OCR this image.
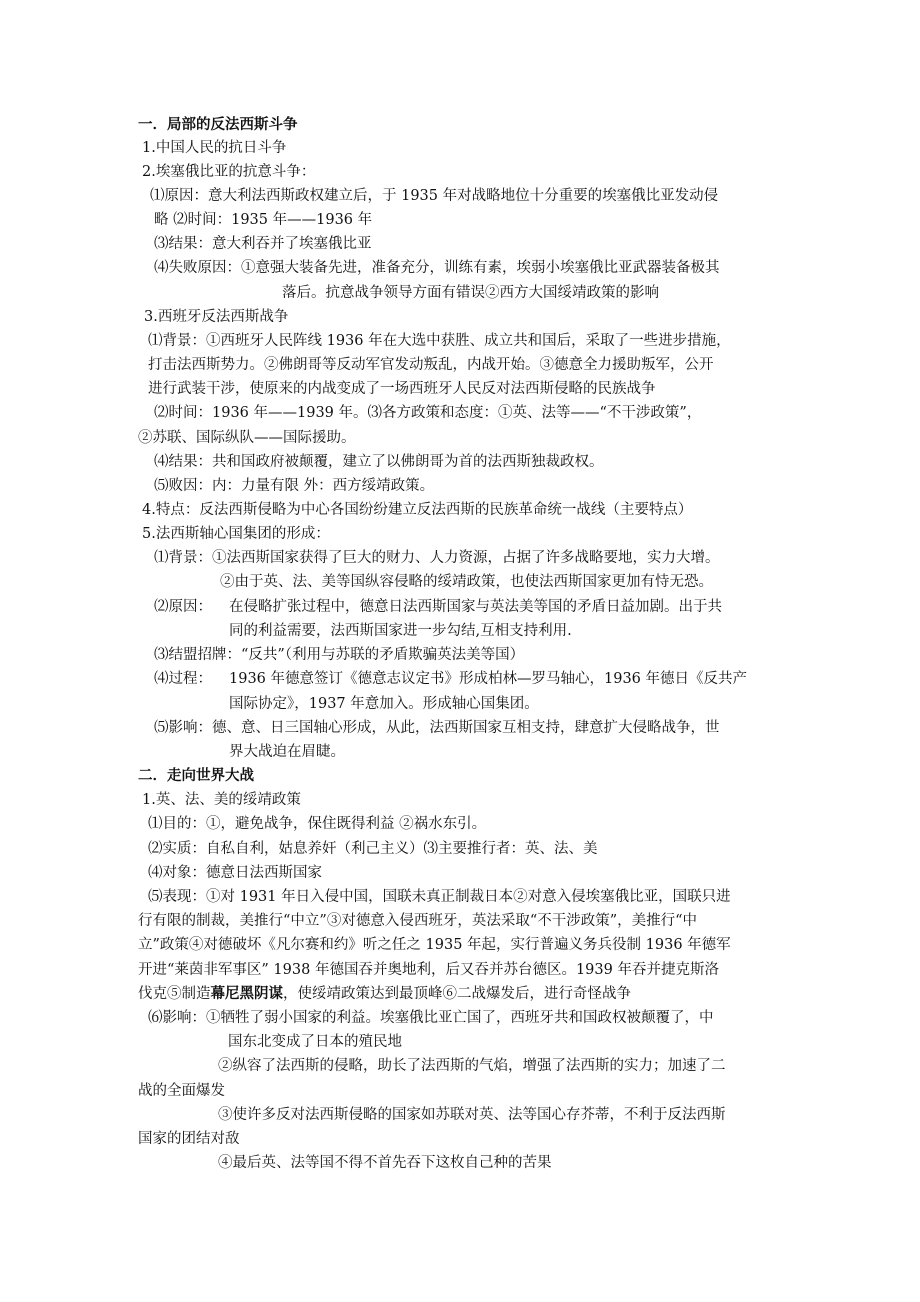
一．局部的反法西斯斗争
1.中国人民的抗日斗争
2.埃塞俄比亚的抗意斗争：
⑴原因：意大利法西斯政权建立后，于 1935 年对战略地位十分重要的埃塞俄比亚发动侵
略 ⑵时间：1935 年——1936 年
⑶结果：意大利吞并了埃塞俄比亚
⑷失败原因：①意强大装备先进，准备充分，训练有素，埃弱小埃塞俄比亚武器装备极其
落后。抗意战争领导方面有错误②西方大国绥靖政策的影响
3.西班牙反法西斯战争
⑴背景：①西班牙人民阵线 1936 年在大选中获胜、成立共和国后，采取了一些进步措施，
打击法西斯势力。②佛朗哥等反动军官发动叛乱，内战开始。③德意全力援助叛军，公开
进行武装干涉，使原来的内战变成了一场西班牙人民反对法西斯侵略的民族战争
⑵时间：1936 年——1939 年。⑶各方政策和态度：①英、法等——“不干涉政策”，
②苏联、国际纵队——国际援助。
⑷结果：共和国政府被颠覆，建立了以佛朗哥为首的法西斯独裁政权。
⑸败因：内：力量有限 外：西方绥靖政策。
4.特点：反法西斯侵略为中心各国纷纷建立反法西斯的民族革命统一战线（主要特点）
5.法西斯轴心国集团的形成：
⑴背景：①法西斯国家获得了巨大的财力、人力资源，占据了许多战略要地，实力大增。
②由于英、法、美等国纵容侵略的绥靖政策，也使法西斯国家更加有恃无恐。
⑵原因： 在侵略扩张过程中，德意日法西斯国家与英法美等国的矛盾日益加剧。出于共
同的利益需要，法西斯国家进一步勾结,互相支持利用.
⑶结盟招牌：“反共”（利用与苏联的矛盾欺骗英法美等国）
⑷过程： 1936 年德意签订《德意志议定书》形成柏林—罗马轴心，1936 年德日《反共产
国际协定》，1937 年意加入。形成轴心国集团。
⑸影响：德、意、日三国轴心形成，从此，法西斯国家互相支持，肆意扩大侵略战争，世
界大战迫在眉睫。
二．走向世界大战
1.英、法、美的绥靖政策
⑴目的：①，避免战争，保住既得利益 ②祸水东引。
⑵实质：自私自利，姑息养奸（利己主义）⑶主要推行者：英、法、美
⑷对象：德意日法西斯国家
⑸表现：①对 1931 年日入侵中国，国联未真正制裁日本②对意入侵埃塞俄比亚，国联只进
行有限的制裁，美推行“中立”③对德意入侵西班牙，英法采取“不干涉政策”，美推行“中
立”政策④对德破坏《凡尔赛和约》听之任之 1935 年起，实行普遍义务兵役制 1936 年德军
开进“莱茵非军事区” 1938 年德国吞并奥地利，后又吞并苏台德区。1939 年吞并捷克斯洛
伐克⑤制造幕尼黑阴谋，使绥靖政策达到最顶峰⑥二战爆发后，进行奇怪战争
⑹影响：①牺牲了弱小国家的利益。埃塞俄比亚亡国了，西班牙共和国政权被颠覆了，中
国东北变成了日本的殖民地
②纵容了法西斯的侵略，助长了法西斯的气焰，增强了法西斯的实力；加速了二
战的全面爆发
③使许多反对法西斯侵略的国家如苏联对英、法等国心存芥蒂，不利于反法西斯
国家的团结对敌
④最后英、法等国不得不首先吞下这枚自己种的苦果
